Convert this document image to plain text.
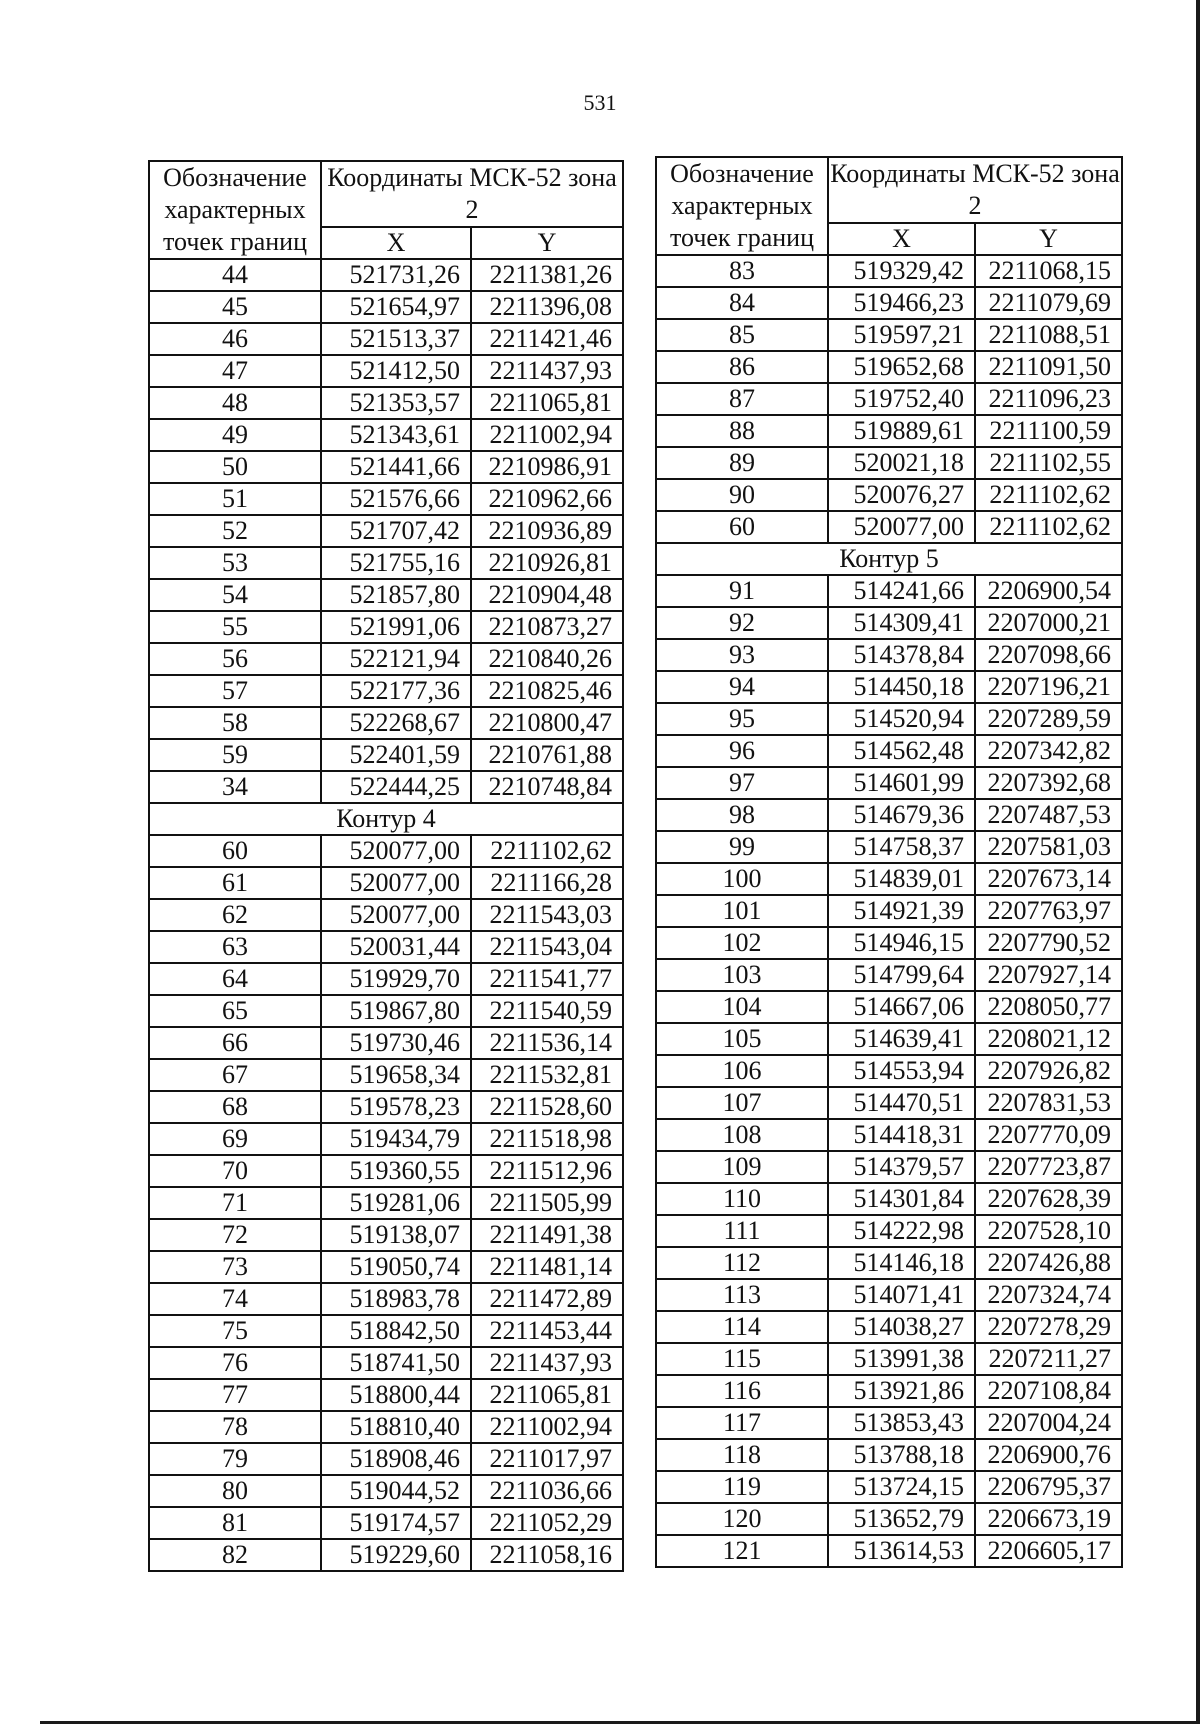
531
Обозначение характерных точек границ	Координаты МСК-52 зона 2	
	X	Y
44	521731,26	2211381,26
45	521654,97	2211396,08
46	521513,37	2211421,46
47	521412,50	2211437,93
48	521353,57	2211065,81
49	521343,61	2211002,94
50	521441,66	2210986,91
51	521576,66	2210962,66
52	521707,42	2210936,89
53	521755,16	2210926,81
54	521857,80	2210904,48
55	521991,06	2210873,27
56	522121,94	2210840,26
57	522177,36	2210825,46
58	522268,67	2210800,47
59	522401,59	2210761,88
34	522444,25	2210748,84
Контур 4		
60	520077,00	2211102,62
61	520077,00	2211166,28
62	520077,00	2211543,03
63	520031,44	2211543,04
64	519929,70	2211541,77
65	519867,80	2211540,59
66	519730,46	2211536,14
67	519658,34	2211532,81
68	519578,23	2211528,60
69	519434,79	2211518,98
70	519360,55	2211512,96
71	519281,06	2211505,99
72	519138,07	2211491,38
73	519050,74	2211481,14
74	518983,78	2211472,89
75	518842,50	2211453,44
76	518741,50	2211437,93
77	518800,44	2211065,81
78	518810,40	2211002,94
79	518908,46	2211017,97
80	519044,52	2211036,66
81	519174,57	2211052,29
82	519229,60	2211058,16
Обозначение характерных точек границ	Координаты МСК-52 зона 2	
	X	Y
83	519329,42	2211068,15
84	519466,23	2211079,69
85	519597,21	2211088,51
86	519652,68	2211091,50
87	519752,40	2211096,23
88	519889,61	2211100,59
89	520021,18	2211102,55
90	520076,27	2211102,62
60	520077,00	2211102,62
Контур 5		
91	514241,66	2206900,54
92	514309,41	2207000,21
93	514378,84	2207098,66
94	514450,18	2207196,21
95	514520,94	2207289,59
96	514562,48	2207342,82
97	514601,99	2207392,68
98	514679,36	2207487,53
99	514758,37	2207581,03
100	514839,01	2207673,14
101	514921,39	2207763,97
102	514946,15	2207790,52
103	514799,64	2207927,14
104	514667,06	2208050,77
105	514639,41	2208021,12
106	514553,94	2207926,82
107	514470,51	2207831,53
108	514418,31	2207770,09
109	514379,57	2207723,87
110	514301,84	2207628,39
111	514222,98	2207528,10
112	514146,18	2207426,88
113	514071,41	2207324,74
114	514038,27	2207278,29
115	513991,38	2207211,27
116	513921,86	2207108,84
117	513853,43	2207004,24
118	513788,18	2206900,76
119	513724,15	2206795,37
120	513652,79	2206673,19
121	513614,53	2206605,17
